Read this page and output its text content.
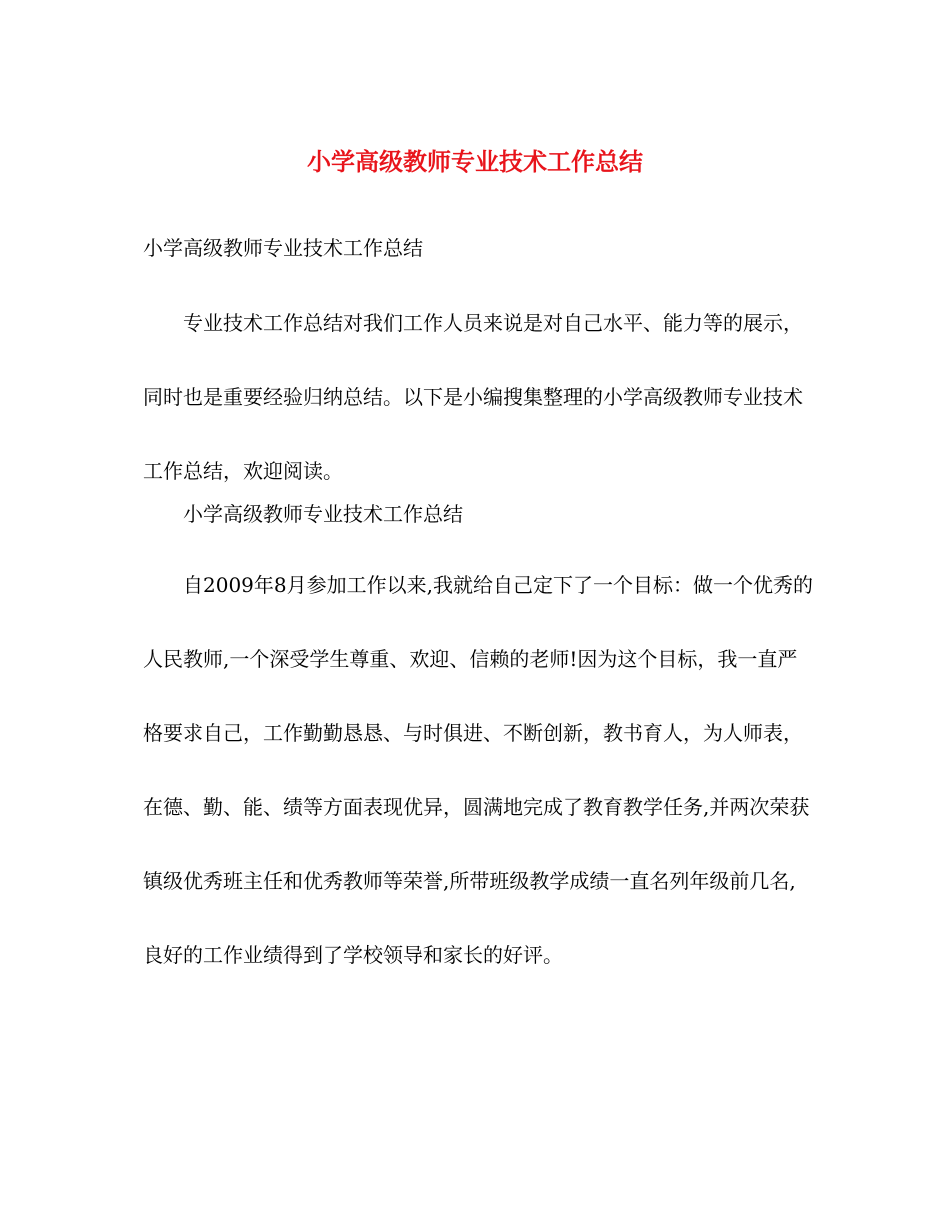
小学高级教师专业技术工作总结

小学高级教师专业技术工作总结

专业技术工作总结对我们工作人员来说是对自己水平、能力等的展示，同时也是重要经验归纳总结。以下是小编搜集整理的小学高级教师专业技术工作总结，欢迎阅读。

小学高级教师专业技术工作总结

自2009年8月参加工作以来,我就给自己定下了一个目标：做一个优秀的人民教师,一个深受学生尊重、欢迎、信赖的老师!因为这个目标，我一直严格要求自己，工作勤勤恳恳、与时俱进、不断创新，教书育人，为人师表，在德、勤、能、绩等方面表现优异，圆满地完成了教育教学任务,并两次荣获镇级优秀班主任和优秀教师等荣誉,所带班级教学成绩一直名列年级前几名,良好的工作业绩得到了学校领导和家长的好评。
